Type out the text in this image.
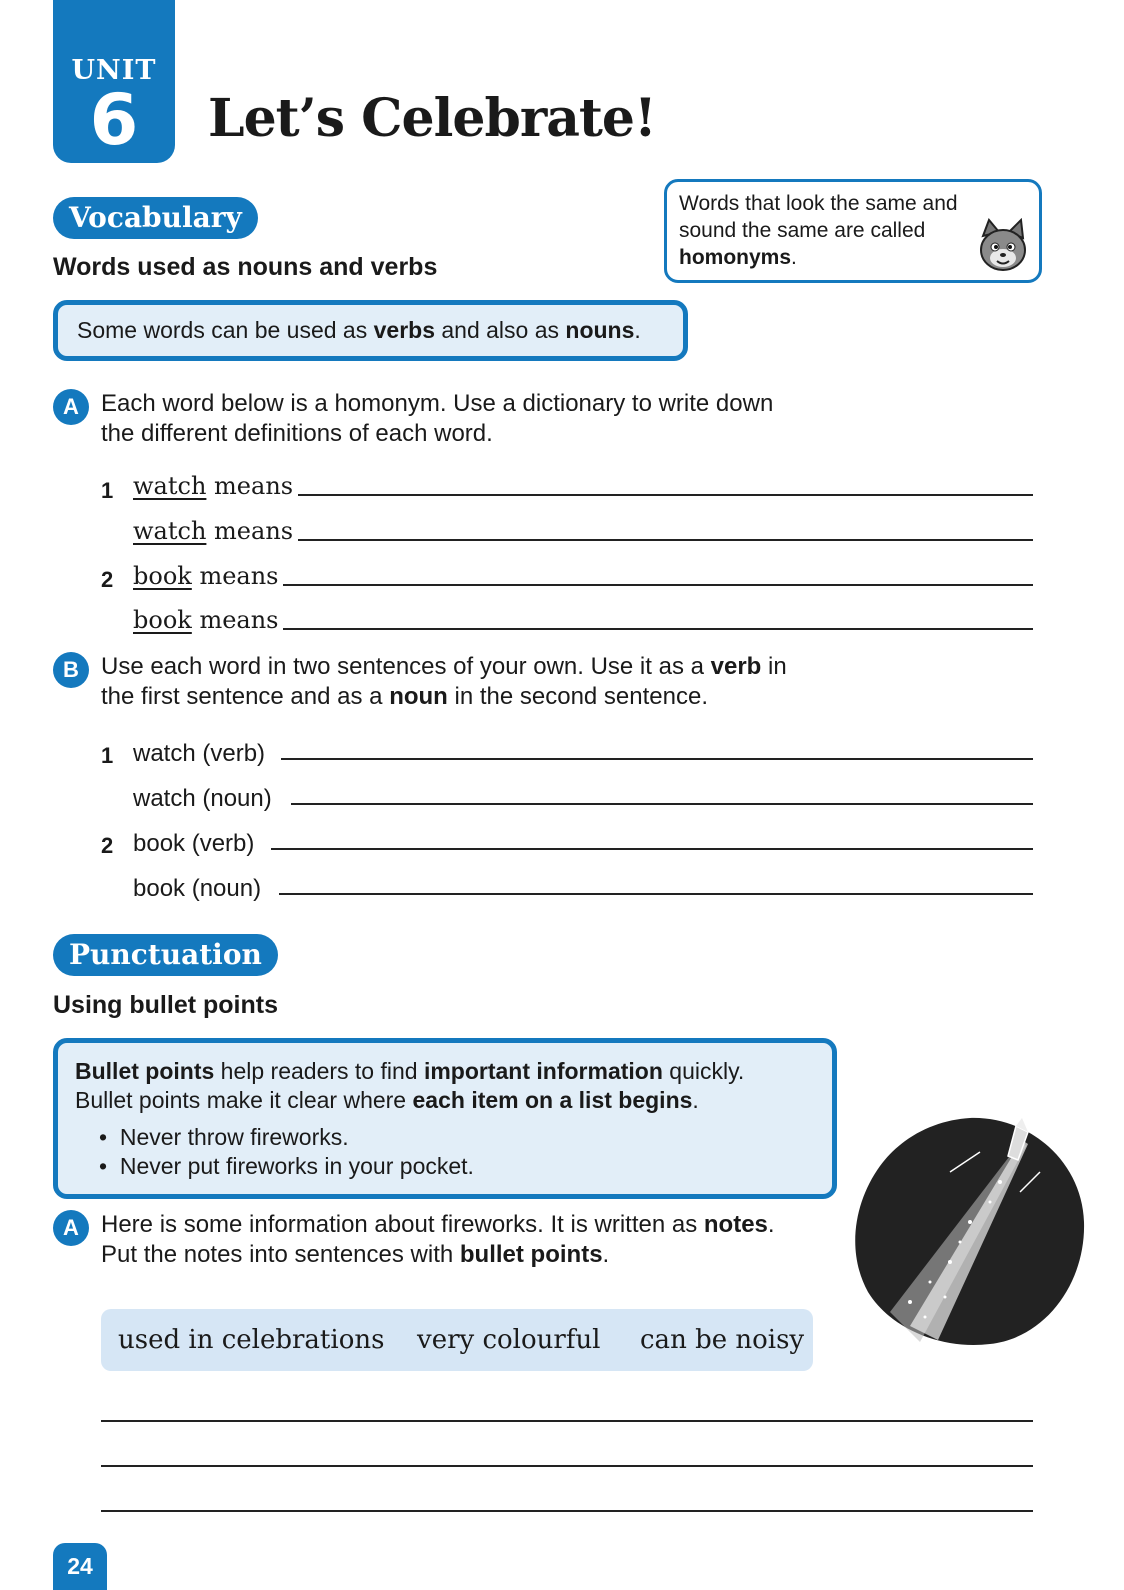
UNIT
6	Let’s Celebrate!
Vocabulary
Words used as nouns and verbs
Words that look the same and
sound the same are called
homonyms.
Some words can be used as verbs and also as nouns.
A Each word below is a homonym. Use a dictionary to write down
the different definitions of each word.
1 watch means
watch means
2 book means
book means
B Use each word in two sentences of your own. Use it as a verb in
the first sentence and as a noun in the second sentence.
1 watch (verb)
watch (noun)
2 book (verb)
book (noun)
Punctuation
Using bullet points
Bullet points help readers to find important information quickly.
Bullet points make it clear where each item on a list begins.
•  Never throw fireworks.
•  Never put fireworks in your pocket.
A Here is some information about fireworks. It is written as notes.
Put the notes into sentences with bullet points.
used in celebrations very colourful can be noisy
24
